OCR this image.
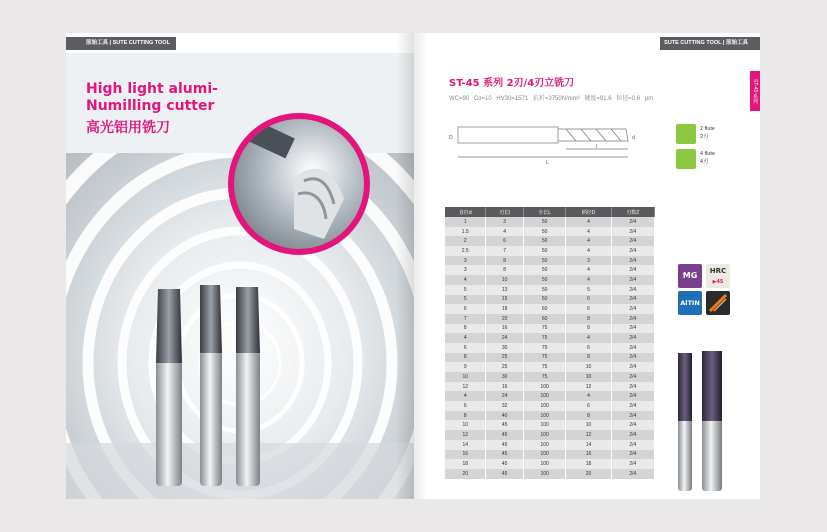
原始工具 | SUTE CUTTING TOOL
High light alumi-
Numilling cutter
高光铝用铣刀
SUTE CUTTING TOOL | 原始工具
ST-45 系列
ST-45 系列 2刃/4刃立铣刀
WC=90 Co=10 HV30=1571 抗折=3750N/mm² 硬度=91.6 粒径=0.6 μm
D	d
l
L
2 flute
2刃
4 flute
4刃
直径d	刃长l	全长L	柄径D	刃数Z
1	3	50	4	2/4
1.5	4	50	4	2/4
2	6	50	4	2/4
2.5	7	50	4	2/4
3	8	50	3	2/4
3	8	50	4	2/4
4	10	50	4	2/4
5	13	50	5	2/4
5	15	50	6	2/4
6	18	60	6	2/4
7	20	60	8	2/4
8	16	75	8	2/4
4	24	75	4	2/4
6	30	75	6	2/4
8	25	75	8	2/4
9	25	75	10	2/4
10	30	75	10	2/4
12	16	100	12	2/4
4	24	100	4	2/4
6	32	100	6	2/4
8	40	100	8	2/4
10	45	100	10	2/4
12	45	100	12	2/4
14	45	100	14	2/4
16	45	100	16	2/4
18	45	100	18	2/4
20	45	100	20	2/4
MG	HRC
▶45
AlTIN
